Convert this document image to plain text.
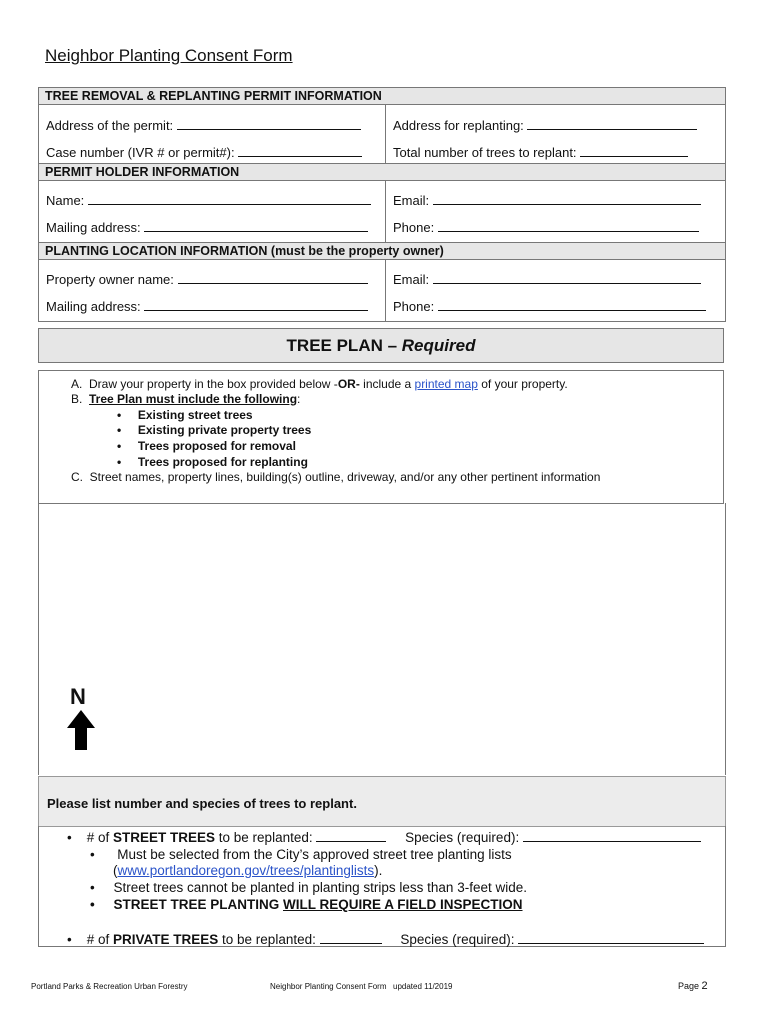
Neighbor Planting Consent Form
TREE REMOVAL & REPLANTING PERMIT INFORMATION
Address of the permit:	Address for replanting:
Case number (IVR # or permit#):	Total number of trees to replant:
PERMIT HOLDER INFORMATION
Name:	Email:
Mailing address:	Phone:
PLANTING LOCATION INFORMATION (must be the property owner)
Property owner name:	Email:
Mailing address:	Phone:
TREE PLAN – Required
A. Draw your property in the box provided below -OR- include a printed map of your property.
B. Tree Plan must include the following:
•     Existing street trees
•     Existing private property trees
•     Trees proposed for removal
•     Trees proposed for replanting
C. Street names, property lines, building(s) outline, driveway, and/or any other pertinent information
N
Please list number and species of trees to replant.
•    # of STREET TREES to be replanted:	Species (required):
•      Must be selected from the City’s approved street tree planting lists
(www.portlandoregon.gov/trees/plantinglists).
•     Street trees cannot be planted in planting strips less than 3-feet wide.
•     STREET TREE PLANTING WILL REQUIRE A FIELD INSPECTION
•    # of PRIVATE TREES to be replanted:	Species (required):
Portland Parks & Recreation Urban Forestry	Neighbor Planting Consent Form updated 11/2019	Page 2
